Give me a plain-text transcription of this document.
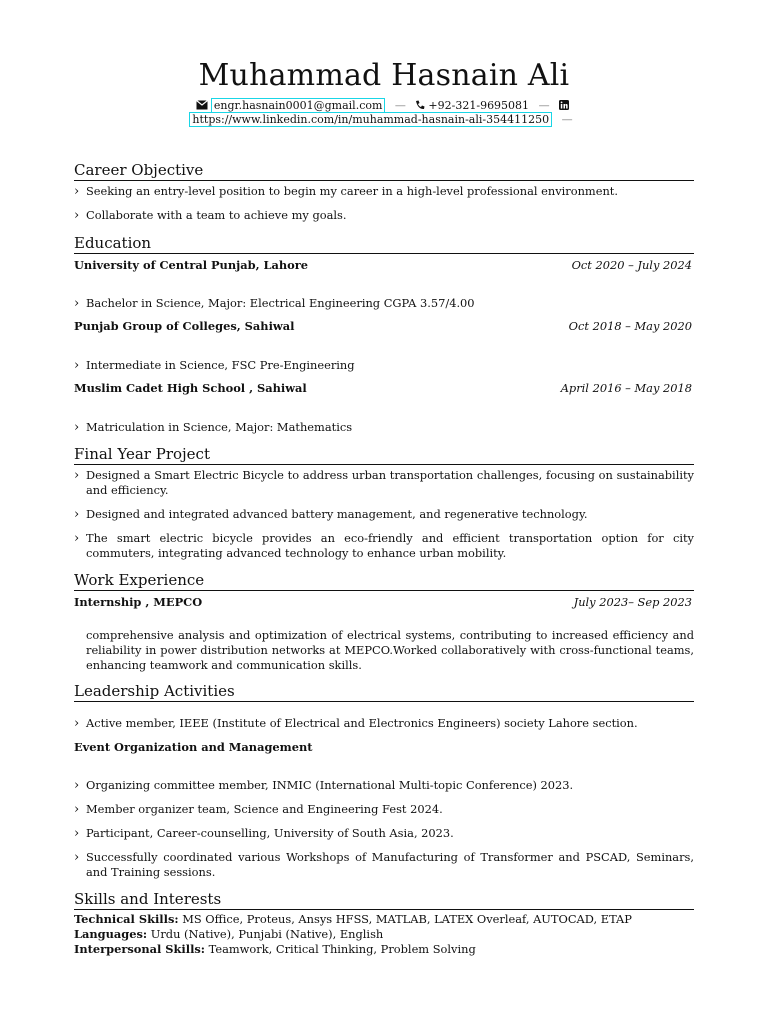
Muhammad Hasnain Ali
engr.hasnain0001@gmail.com — +92-321-9695081 —
https://www.linkedin.com/in/muhammad-hasnain-ali-354411250 —
Career Objective
› Seeking an entry-level position to begin my career in a high-level professional environment.
› Collaborate with a team to achieve my goals.
Education
University of Central Punjab, Lahore	Oct 2020 – July 2024
› Bachelor in Science, Major: Electrical Engineering CGPA 3.57/4.00
Punjab Group of Colleges, Sahiwal	Oct 2018 – May 2020
› Intermediate in Science, FSC Pre-Engineering
Muslim Cadet High School , Sahiwal	April 2016 – May 2018
› Matriculation in Science, Major: Mathematics
Final Year Project
› Designed a Smart Electric Bicycle to address urban transportation challenges, focusing on sustainability and efficiency.
› Designed and integrated advanced battery management, and regenerative technology.
› The smart electric bicycle provides an eco-friendly and efficient transportation option for city commuters, integrating advanced technology to enhance urban mobility.
Work Experience
Internship , MEPCO	July 2023– Sep 2023
comprehensive analysis and optimization of electrical systems, contributing to increased efficiency and reliability in power distribution networks at MEPCO.Worked collaboratively with cross-functional teams, enhancing teamwork and communication skills.
Leadership Activities
› Active member, IEEE (Institute of Electrical and Electronics Engineers) society Lahore section.
Event Organization and Management
› Organizing committee member, INMIC (International Multi-topic Conference) 2023.
› Member organizer team, Science and Engineering Fest 2024.
› Participant, Career-counselling, University of South Asia, 2023.
› Successfully coordinated various Workshops of Manufacturing of Transformer and PSCAD, Seminars, and Training sessions.
Skills and Interests
Technical Skills: MS Office, Proteus, Ansys HFSS, MATLAB, LATEX Overleaf, AUTOCAD, ETAP
Languages: Urdu (Native), Punjabi (Native), English
Interpersonal Skills: Teamwork, Critical Thinking, Problem Solving
